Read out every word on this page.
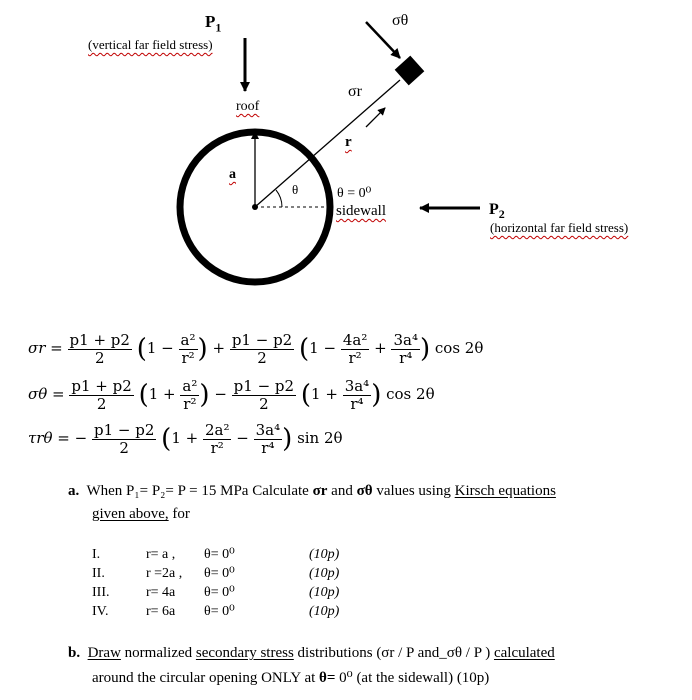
$P_1$
(vertical far field stress)
σθ
σr
r
roof
a
θ	θ = 0⁰
sidewall	$P_2$
(horizontal far field stress)
$\sigma r = \frac{p1 + p2}{2} (1 - \frac{\text{a²}}{\text{r²}}$ ) + $\frac{p1 - p2}{2} (1 - \frac{\text{4a²}}{\text{r²}} + \frac{\text{3a⁴}}{\text{r⁴}}$ ) cos 2θ
$\sigma\theta = \frac{p1 + p2}{2} (1 + \frac{\text{a²}}{\text{r²}}$ ) − $\frac{p1 - p2}{2} (1 + \frac{\text{3a⁴}}{\text{r⁴}}$ ) cos 2θ
τrθ = − $\frac{p1 - p2}{2} (1 + \frac{\text{2a²}}{\text{r²}} - \frac{\text{3a⁴}}{\text{r⁴}}$ ) sin 2θ
a. When P₁= P₂= P = 15 MPa Calculate σr and σθ values using Kirsch equations
given above, for
I.	r= a ,	θ= 0⁰	(10p)
II.	r =2a ,	θ= 0⁰	(10p)
III.	r= 4a	θ= 0⁰	(10p)
IV.	r= 6a	θ= 0⁰	(10p)
b. Draw normalized secondary stress distributions (σr / P and_σθ / P ) calculated
around the circular opening ONLY at θ= 0⁰ (at the sidewall) (10p)
